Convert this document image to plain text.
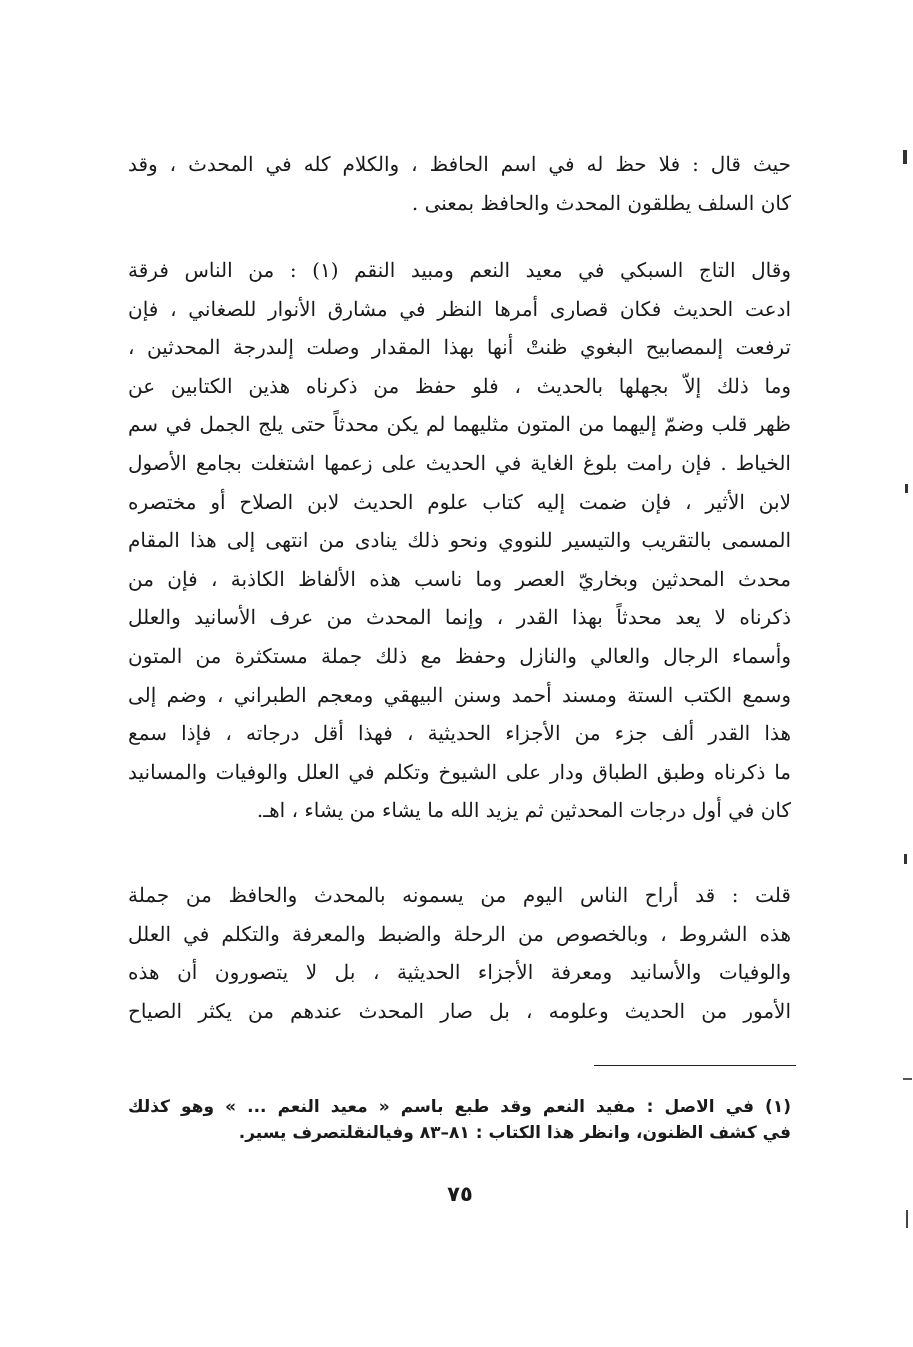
حيث قال : فلا حظ له في اسم الحافظ ، والكلام كله في المحدث ، وقد
كان السلف يطلقون المحدث والحافظ بمعنى .
وقال التاج السبكي في معيد النعم ومبيد النقم (١) : من الناس فرقة
ادعت الحديث فكان قصارى أمرها النظر في مشارق الأنوار للصغاني ، فإن
ترفعت إلىمصابيح البغوي ظنتْ أنها بهذا المقدار وصلت إلىدرجة المحدثين ،
وما ذلك إلاّ بجهلها بالحديث ، فلو حفظ من ذكرناه هذين الكتابين عن
ظهر قلب وضمّ إليهما من المتون مثليهما لم يكن محدثاً حتى يلج الجمل في سم
الخياط . فإن رامت بلوغ الغاية في الحديث على زعمها اشتغلت بجامع الأصول
لابن الأثير ، فإن ضمت إليه كتاب علوم الحديث لابن الصلاح أو مختصره
المسمى بالتقريب والتيسير للنووي ونحو ذلك ينادى من انتهى إلى هذا المقام
محدث المحدثين وبخاريّ العصر وما ناسب هذه الألفاظ الكاذبة ، فإن من
ذكرناه لا يعد محدثاً بهذا القدر ، وإنما المحدث من عرف الأسانيد والعلل
وأسماء الرجال والعالي والنازل وحفظ مع ذلك جملة مستكثرة من المتون
وسمع الكتب الستة ومسند أحمد وسنن البيهقي ومعجم الطبراني ، وضم إلى
هذا القدر ألف جزء من الأجزاء الحديثية ، فهذا أقل درجاته ، فإذا سمع
ما ذكرناه وطبق الطباق ودار على الشيوخ وتكلم في العلل والوفيات والمسانيد
كان في أول درجات المحدثين ثم يزيد الله ما يشاء من يشاء ، اهـ.
قلت : قد أراح الناس اليوم من يسمونه بالمحدث والحافظ من جملة
هذه الشروط ، وبالخصوص من الرحلة والضبط والمعرفة والتكلم في العلل
والوفيات والأسانيد ومعرفة الأجزاء الحديثية ، بل لا يتصورون أن هذه
الأمور من الحديث وعلومه ، بل صار المحدث عندهم من يكثر الصياح
(١) في الاصل : مفيد النعم وقد طبع باسم « معيد النعم ... » وهو كذلك
في كشف الظنون، وانظر هذا الكتاب : ٨١–٨٣ وفيالنقلتصرف يسير.
٧٥
